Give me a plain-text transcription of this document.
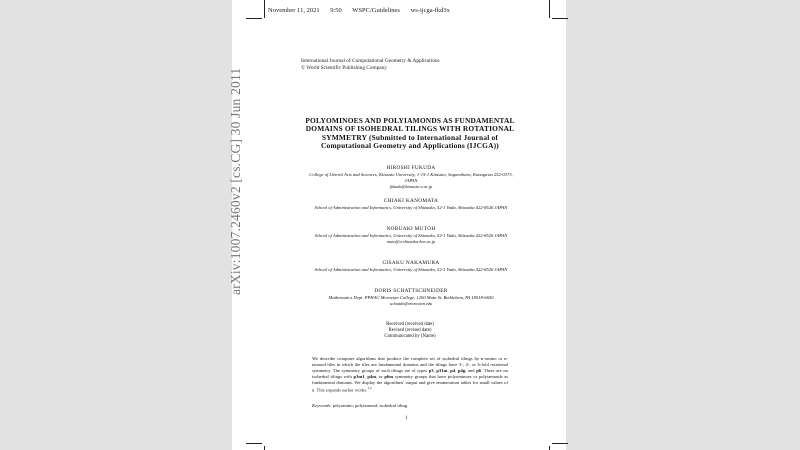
November 11, 2021 9:50 WSPC/Guidelines ws-ijcga-fkd3x
International Journal of Computational Geometry & Applications
© World Scientific Publishing Company
arXiv:1007.2460v2 [cs.CG] 30 Jun 2011	POLYOMINOES AND POLYIAMONDS AS FUNDAMENTAL DOMAINS OF ISOHEDRAL TILINGS WITH ROTATIONAL SYMMETRY (Submitted to International Journal of Computational Geometry and Applications (IJCGA))
HIROSHI FUKUDA
College of Liberal Arts and Sciences, Kitasato University, 1-15-1 Kitasato, Sagamihara, Kanagawa 252-0373, JAPAN
fukuda@kitasato-u.ac.jp
CHIAKI KANOMATA
School of Administration and Informatics, University of Shizuoka, 52-1 Yada, Shizuoka 422-8526 JAPAN
NOBUAKI MUTOH
School of Administration and Informatics, University of Shizuoka, 52-1 Yada, Shizuoka 422-8526 JAPAN
muto@u-shizuoka-ken.ac.jp
GISAKU NAKAMURA
School of Administration and Informatics, University of Shizuoka, 52-1 Yada, Shizuoka 422-8526 JAPAN
DORIS SCHATTSCHNEIDER
Mathematics Dept. PPHAC Moravian College, 1200 Main St. Bethlehem, PA 18018-6650
schattdo@moravian.edu
Received (received date)
Revised (revised date)
Communicated by (Name)
We describe computer algorithms that produce the complete set of isohedral tilings by n-omino or n-iamond tiles in which the tiles are fundamental domains and the tilings have 3-, 4-, or 6-fold rotational symmetry. The symmetry groups of such tilings are of types p3, p31m, p4, p4g, and p6. There are no isohedral tilings with p3m1, p4m, or p6m symmetry groups that have polyominoes or polyiamonds as fundamental domains. We display the algorithms' output and give enumeration tables for small values of n. This expands earlier works.$^{1,2}$
Keywords: polyomino; polyiamond; isohedral tiling.
1
